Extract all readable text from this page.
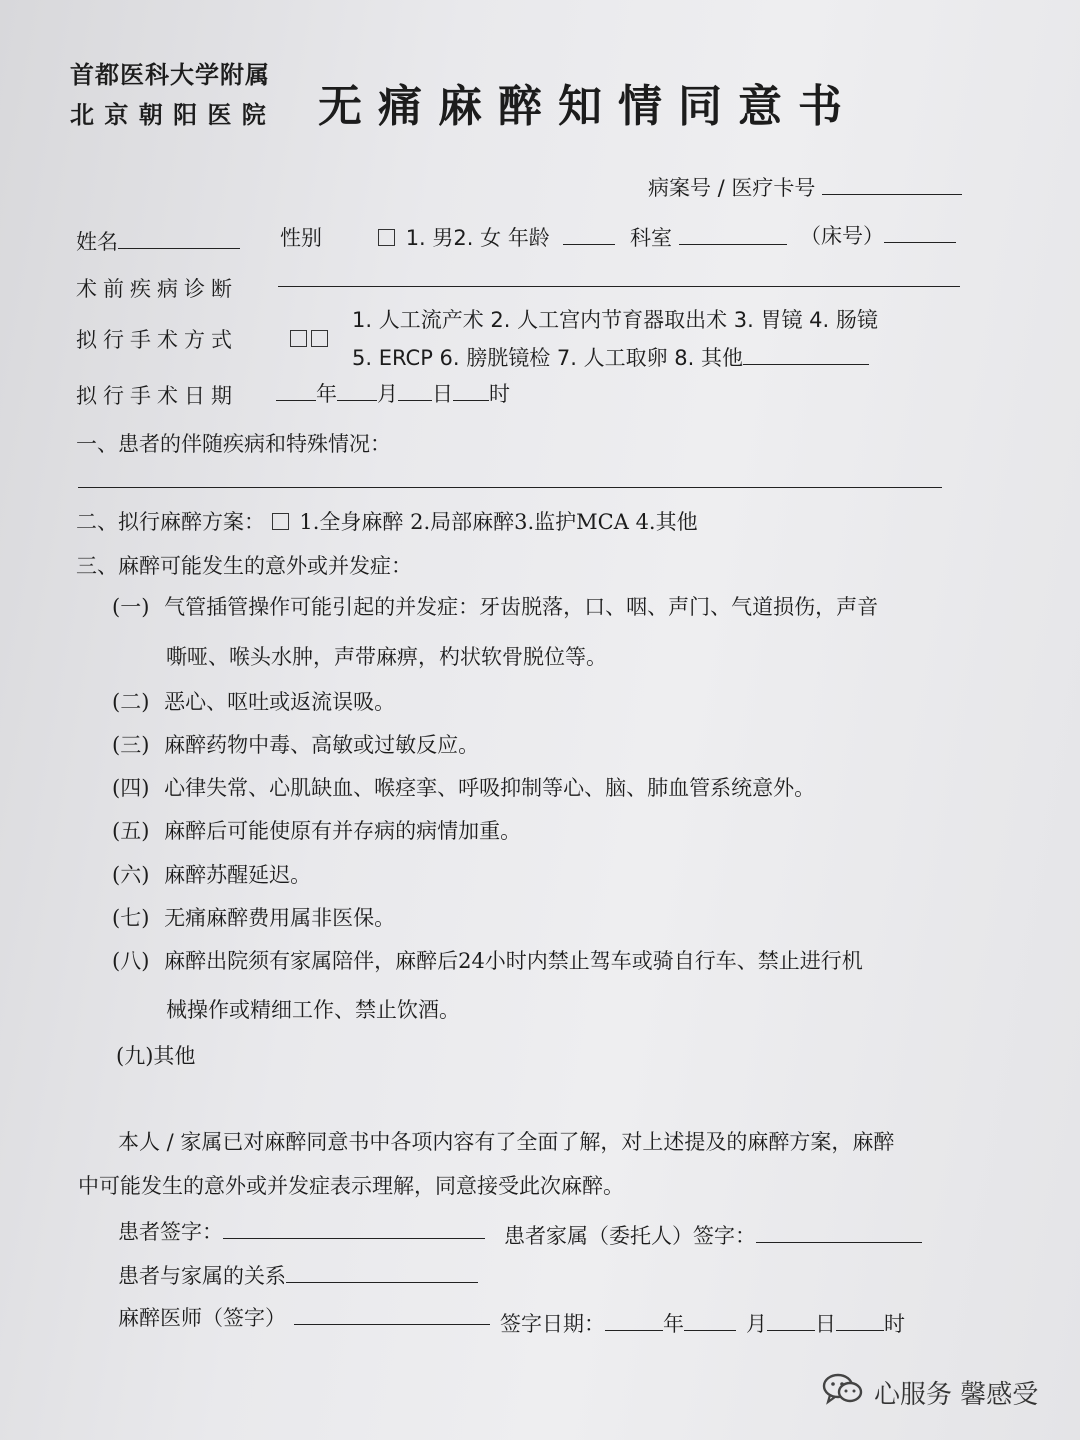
首都医科大学附属
北 京 朝 阳 医 院 无痛麻醉知情同意书
病案号 / 医疗卡号
姓名	性别	1. 男2. 女 年龄	科室	（床号）
术前疾病诊断
拟行手术方式
1. 人工流产术 2. 人工宫内节育器取出术 3. 胃镜 4. 肠镜
5. ERCP 6. 膀胱镜检 7. 人工取卵 8. 其他
拟行手术日期	年 月 日 时
一、患者的伴随疾病和特殊情况：
二、拟行麻醉方案： 1.全身麻醉 2.局部麻醉3.监护MCA 4.其他
三、麻醉可能发生的意外或并发症：
(一) 气管插管操作可能引起的并发症：牙齿脱落，口、咽、声门、气道损伤，声音
嘶哑、喉头水肿，声带麻痹，杓状软骨脱位等。
(二) 恶心、呕吐或返流误吸。
(三) 麻醉药物中毒、高敏或过敏反应。
(四) 心律失常、心肌缺血、喉痉挛、呼吸抑制等心、脑、肺血管系统意外。
(五) 麻醉后可能使原有并存病的病情加重。
(六) 麻醉苏醒延迟。
(七) 无痛麻醉费用属非医保。
(八) 麻醉出院须有家属陪伴，麻醉后24小时内禁止驾车或骑自行车、禁止进行机
械操作或精细工作、禁止饮酒。
(九)其他
本人 / 家属已对麻醉同意书中各项内容有了全面了解，对上述提及的麻醉方案，麻醉
中可能发生的意外或并发症表示理解，同意接受此次麻醉。
患者签字：	患者家属（委托人）签字：
患者与家属的关系
麻醉医师（签字）	签字日期：	年	月 日 时
心服务 馨感受
